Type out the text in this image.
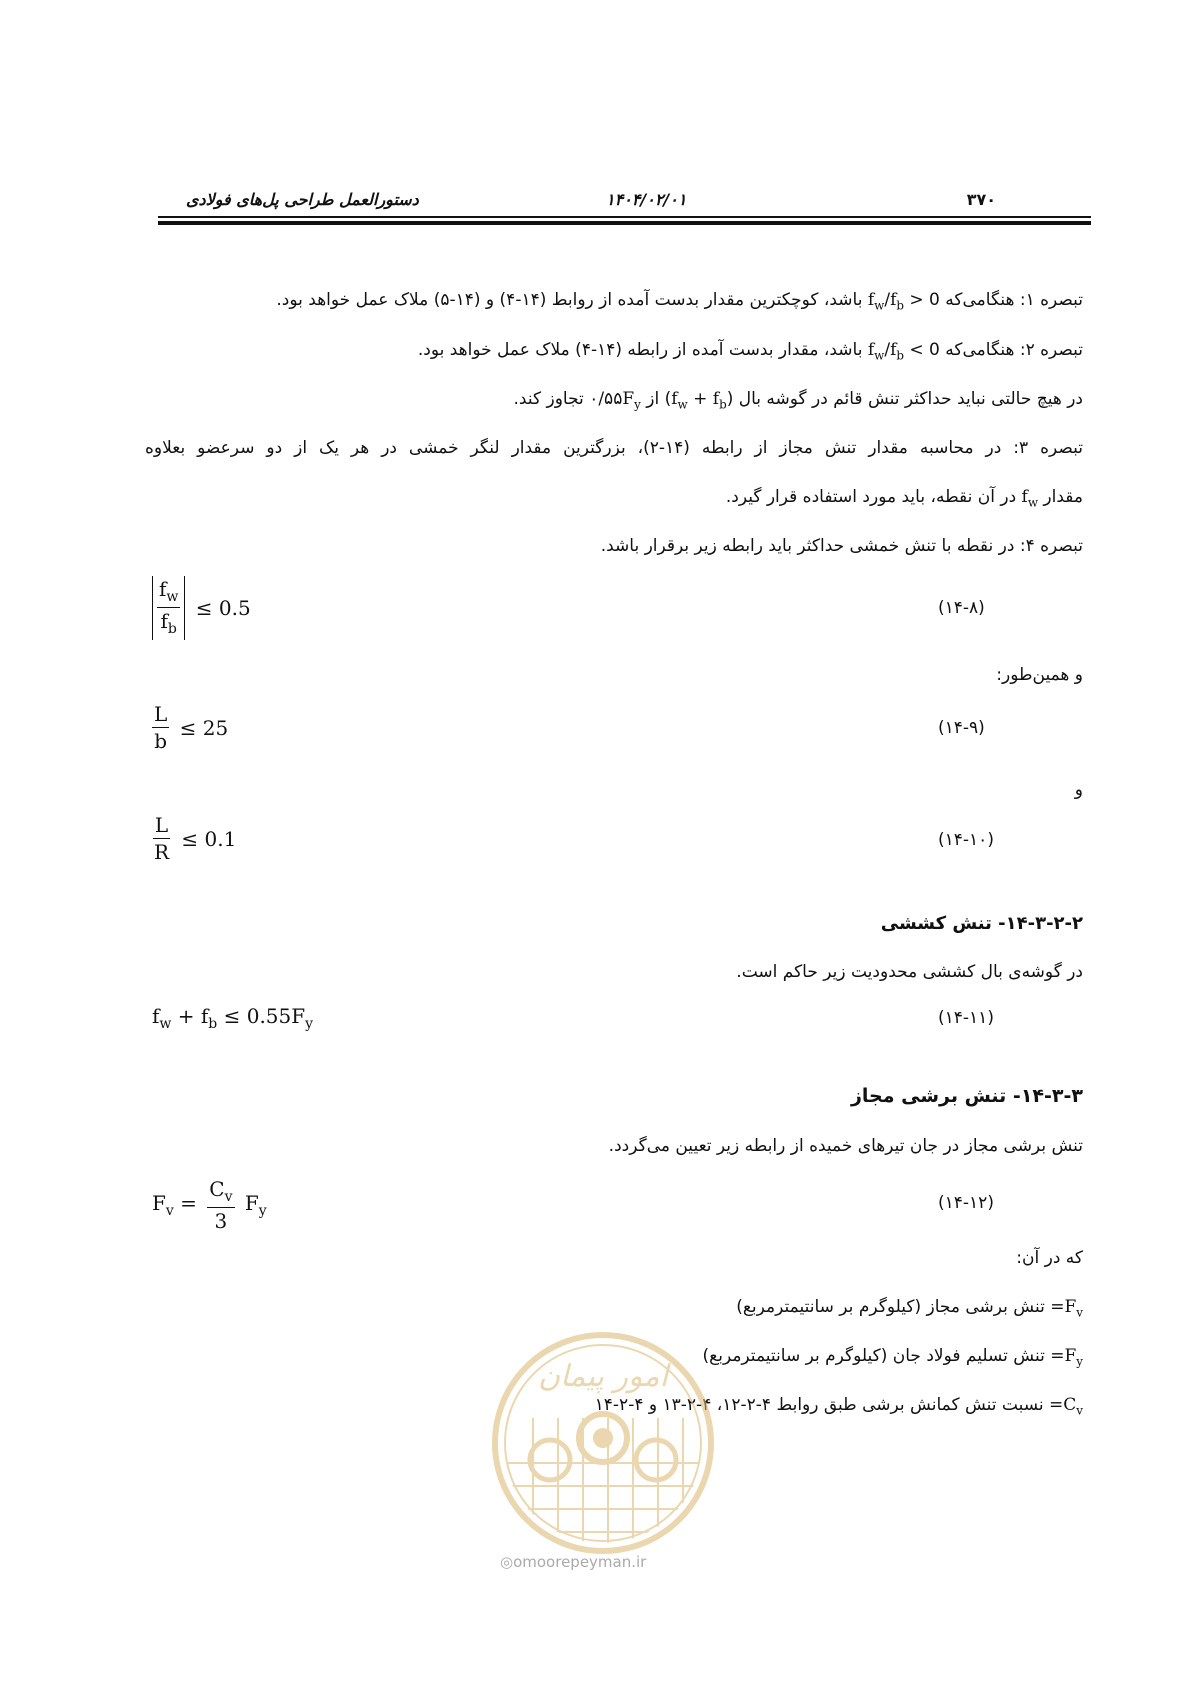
۳۷۰
۱۴۰۴/۰۲/۰۱
دستورالعمل طراحی پل‌های فولادی
تبصره ۱: هنگامی‌که $f_w/f_b > 0$ باشد، کوچکترین مقدار بدست آمده از روابط (۱۴-۴) و (۱۴-۵) ملاک عمل خواهد بود.
تبصره ۲: هنگامی‌که $f_w/f_b < 0$ باشد، مقدار بدست آمده از رابطه (۱۴-۴) ملاک عمل خواهد بود.
در هیچ حالتی نباید حداکثر تنش قائم در گوشه بال $(f_w + f_b)$ از $۰/۵۵F_y$ تجاوز کند.
تبصره ۳: در محاسبه مقدار تنش مجاز از رابطه (۱۴-۲)، بزرگترین مقدار لنگر خمشی در هر یک از دو سرعضو بعلاوه
مقدار $f_w$ در آن نقطه، باید مورد استفاده قرار گیرد.
تبصره ۴: در نقطه با تنش خمشی حداکثر باید رابطه زیر برقرار باشد.
$\frac{f_w}{f_b} \le 0.5$	(۱۴-۸)
و همین‌طور:
$\frac{L}{b} \le 25$	(۱۴-۹)
و
$\frac{L}{R} \le 0.1$	(۱۴-۱۰)
۱۴-۳-۲-۲- تنش کششی
در گوشه‌ی بال کششی محدودیت زیر حاکم است.
$f_w + f_b \le 0.55F_y$	(۱۴-۱۱)
۱۴-۳-۳- تنش برشی مجاز
تنش برشی مجاز در جان تیرهای خمیده از رابطه زیر تعیین می‌گردد.
$F_v = \frac{C_v}{3} F_y$	(۱۴-۱۲)
که در آن:
$F_v=$ تنش برشی مجاز (کیلوگرم بر سانتیمترمربع)
$F_y=$ تنش تسلیم فولاد جان (کیلوگرم بر سانتیمترمربع)
$C_v=$ نسبت تنش کمانش برشی طبق روابط ۴-۲-۱۲، ۴-۲-۱۳ و ۴-۲-۱۴
امور پیمان
◎omoorepeyman.ir
